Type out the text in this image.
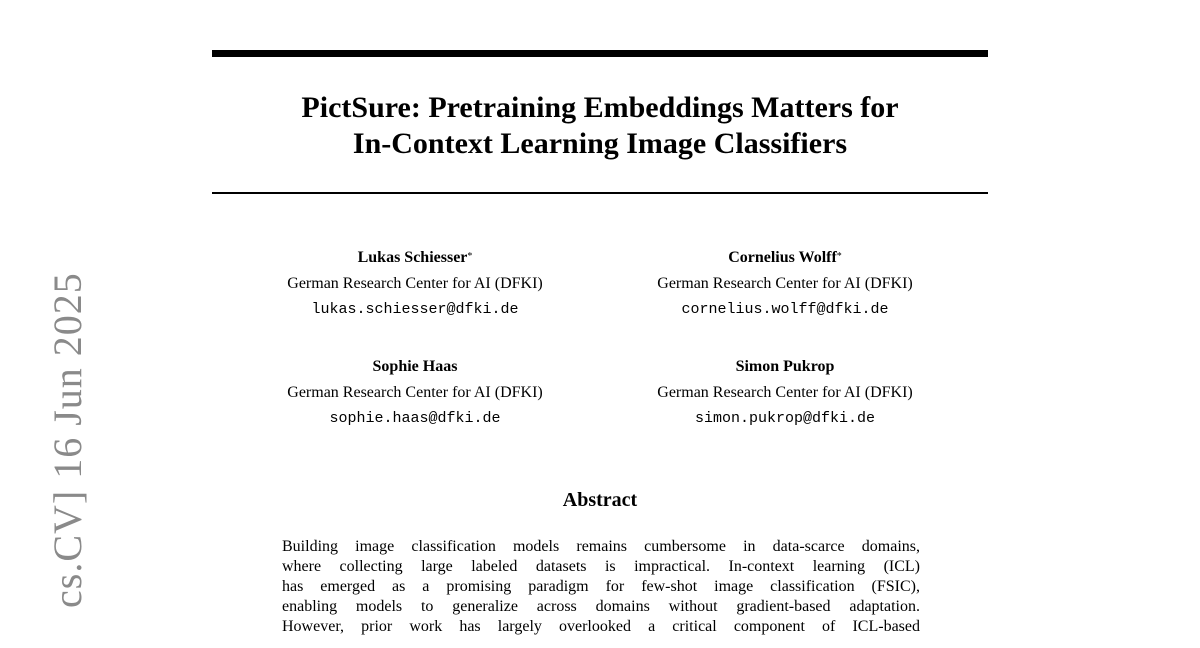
PictSure: Pretraining Embeddings Matters for
In-Context Learning Image Classifiers
Lukas Schiesser*
German Research Center for AI (DFKI)
lukas.schiesser@dfki.de
Cornelius Wolff*
German Research Center for AI (DFKI)
cornelius.wolff@dfki.de
Sophie Haas
German Research Center for AI (DFKI)
sophie.haas@dfki.de
Simon Pukrop
German Research Center for AI (DFKI)
simon.pukrop@dfki.de
Abstract
Building image classification models remains cumbersome in data-scarce domains,
where collecting large labeled datasets is impractical. In-context learning (ICL)
has emerged as a promising paradigm for few-shot image classification (FSIC),
enabling models to generalize across domains without gradient-based adaptation.
However, prior work has largely overlooked a critical component of ICL-based
cs.CV] 16 Jun 2025
